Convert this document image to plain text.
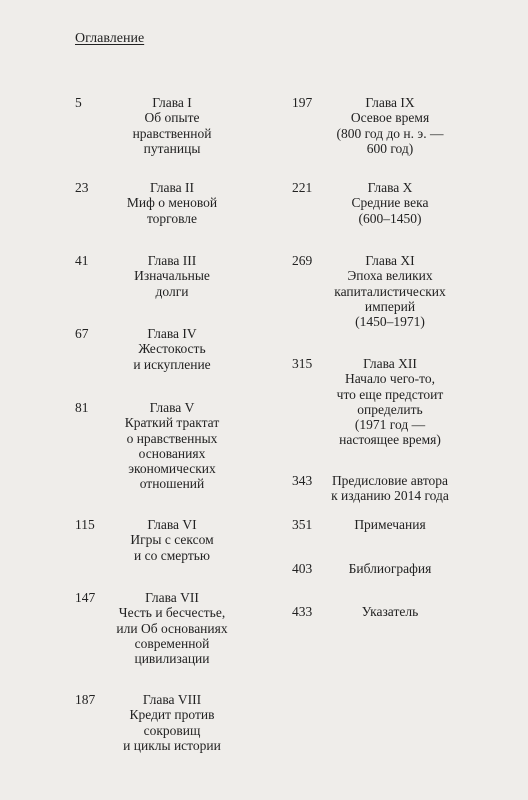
Оглавление
5	Глава I
Об опыте
нравственной
путаницы
23	Глава II
Миф о меновой
торговле
41	Глава III
Изначальные
долги
67	Глава IV
Жестокость
и искупление
81	Глава V
Краткий трактат
о нравственных
основаниях
экономических
отношений
115	Глава VI
Игры с сексом
и со смертью
147	Глава VII
Честь и бесчестье,
или Об основаниях
современной
цивилизации
187	Глава VIII
Кредит против
сокровищ
и циклы истории
197	Глава IX
Осевое время
(800 год до н. э. —
600 год)
221	Глава X
Средние века
(600–1450)
269	Глава XI
Эпоха великих
капиталистических
империй
(1450–1971)
315	Глава XII
Начало чего-то,
что еще предстоит
определить
(1971 год —
настоящее время)
343	Предисловие автора
к изданию 2014 года
351	Примечания
403	Библиография
433	Указатель
